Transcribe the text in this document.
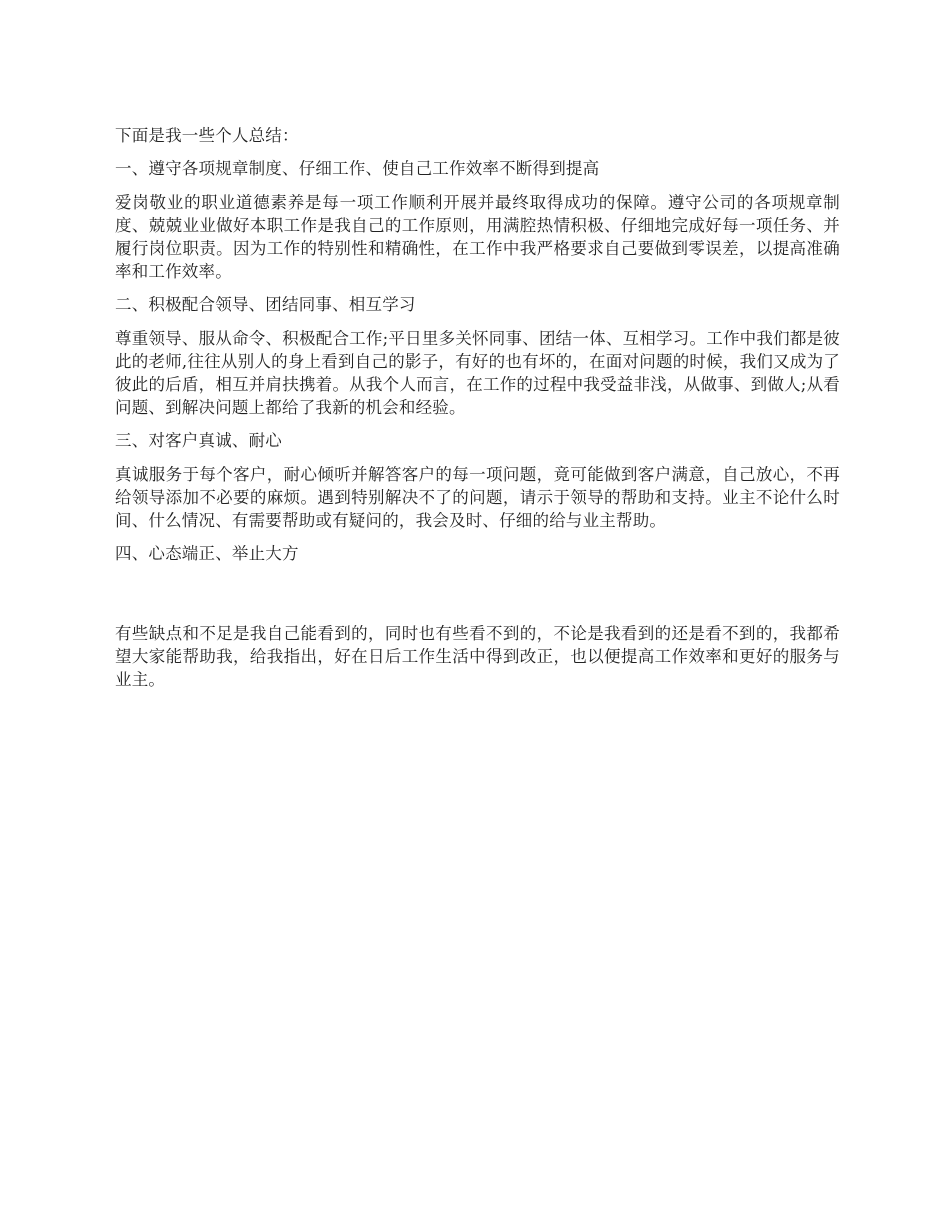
下面是我一些个人总结：

一、遵守各项规章制度、仔细工作、使自己工作效率不断得到提高

爱岗敬业的职业道德素养是每一项工作顺利开展并最终取得成功的保障。遵守公司的各项规章制度、兢兢业业做好本职工作是我自己的工作原则，用满腔热情积极、仔细地完成好每一项任务、并履行岗位职责。因为工作的特别性和精确性，在工作中我严格要求自己要做到零误差，以提高准确率和工作效率。

二、积极配合领导、团结同事、相互学习

尊重领导、服从命令、积极配合工作;平日里多关怀同事、团结一体、互相学习。工作中我们都是彼此的老师,往往从别人的身上看到自己的影子，有好的也有坏的，在面对问题的时候，我们又成为了彼此的后盾，相互并肩扶携着。从我个人而言，在工作的过程中我受益非浅，从做事、到做人;从看问题、到解决问题上都给了我新的机会和经验。

三、对客户真诚、耐心

真诚服务于每个客户，耐心倾听并解答客户的每一项问题，竟可能做到客户满意，自己放心，不再给领导添加不必要的麻烦。遇到特别解决不了的问题，请示于领导的帮助和支持。业主不论什么时间、什么情况、有需要帮助或有疑问的，我会及时、仔细的给与业主帮助。

四、心态端正、举止大方

有些缺点和不足是我自己能看到的，同时也有些看不到的，不论是我看到的还是看不到的，我都希望大家能帮助我，给我指出，好在日后工作生活中得到改正，也以便提高工作效率和更好的服务与业主。
